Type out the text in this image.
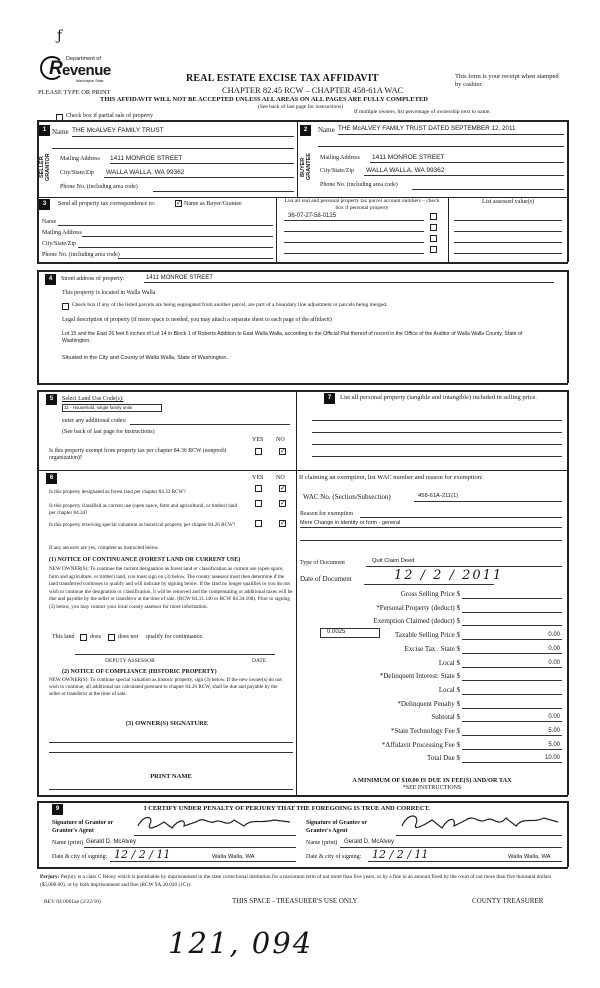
ƒ
Department of
R evenue
Washington State
PLEASE TYPE OR PRINT
REAL ESTATE EXCISE TAX AFFIDAVIT
CHAPTER 82.45 RCW – CHAPTER 458-61A WAC
This form is your receipt when stamped by cashier.
THIS AFFIDAVIT WILL NOT BE ACCEPTED UNLESS ALL AREAS ON ALL PAGES ARE FULLY COMPLETED
(See back of last page for instructions)
Check box if partial sale of property
If multiple owners, list percentage of ownership next to name.
1
SELLER GRANTOR
Name THE McALVEY FAMILY TRUST
Mailing Address 1411 MONROE STREET
City/State/Zip WALLA WALLA, WA 99362
Phone No. (including area code)
2
BUYER GRANTEE
Name THE McALVEY FAMILY TRUST DATED SEPTEMBER 12, 2011
Mailing Address 1411 MONROE STREET
City/State/Zip WALLA WALLA, WA 99362
Phone No. (including area code)
3	Send all property tax correspondence to:	✓ Name as Buyer/Grantee
Name
Mailing Address
City/State/Zip
Phone No. (including area code)
List all real and personal property tax parcel account numbers – check box if personal property
List assessed value(s)
36-07-27-58-0125
4	Street address of property:	1411 MONROE STREET
This property is located in Walla Walla
Check box if any of the listed parcels are being segregated from another parcel, are part of a boundary line adjustment or parcels being merged.
Legal description of property (if more space is needed, you may attach a separate sheet to each page of the affidavit)
Lot 15 and the East 26 feet 6 inches of Lot 14 in Block 1 of Roberts Addition to East Walla Walla, according to the Official Plat thereof of record in the Office of the Auditor of Walla Walla County, State of Washington.
Situated in the City and County of Walla Walla, State of Washington.
5	Select Land Use Code(s):
11 - Household, single family units
enter any additional codes:
(See back of last page for instructions)
YES NO
Is this property exempt from property tax per chapter 84.36 RCW (nonprofit organization)?
✓
6	YES NO
Is this property designated as forest land per chapter 84.33 RCW?	✓
Is this property classified as current use (open space, farm and agricultural, or timber) land per chapter 84.34?
✓
Is this property receiving special valuation as historical property per chapter 84.26 RCW?	✓
If any answers are yes, complete as instructed below.
(1) NOTICE OF CONTINUANCE (FOREST LAND OR CURRENT USE)
NEW OWNER(S): To continue the current designation as forest land or classification as current use (open space, farm and agriculture, or timber) land, you must sign on (3) below. The county assessor must then determine if the land transferred continues to qualify and will indicate by signing below. If the land no longer qualifies or you do not wish to continue the designation or classification, it will be removed and the compensating or additional taxes will be due and payable by the seller or transferor at the time of sale. (RCW 84.33.140 or RCW 84.34.108). Prior to signing (3) below, you may contact your local county assessor for more information.
This land	does	does not qualify for continuance.
DEPUTY ASSESSOR	DATE
(2) NOTICE OF COMPLIANCE (HISTORIC PROPERTY)
NEW OWNER(S): To continue special valuation as historic property, sign (3) below. If the new owner(s) do not wish to continue, all additional tax calculated pursuant to chapter 84.26 RCW, shall be due and payable by the seller or transferor at the time of sale.
(3) OWNER(S) SIGNATURE
PRINT NAME
7	List all personal property (tangible and intangible) included in selling price.
If claiming an exemption, list WAC number and reason for exemption:
WAC No. (Section/Subsection)	458-61A-211(1)
Reason for exemption
Mere Change in identity or form - general
Type of Document	Quit Claim Deed
Date of Document	12 / 2 / 2011
Gross Selling Price $
*Personal Property (deduct) $
Exemption Claimed (deduct) $
Taxable Selling Price $	0.00
Excise Tax : State $	0.00
Local $	0.00
*Delinquent Interest: State $
Local $
*Delinquent Penalty $
Subtotal $	0.00
*State Technology Fee $	5.00
*Affidavit Processing Fee $	5.00
Total Due $	10.00
0.0025
A MINIMUM OF $10.00 IS DUE IN FEE(S) AND/OR TAX
*SEE INSTRUCTIONS
9	I CERTIFY UNDER PENALTY OF PERJURY THAT THE FOREGOING IS TRUE AND CORRECT.
Signature of Grantor or Grantor's Agent
Name (print) Gerald D. McAlvey
Date & city of signing: 12 / 2 / 11	Walla Walla, WA
Signature of Grantee or Grantee's Agent
Name (print) Gerald D. McAlvey
Date & city of signing: 12 / 2 / 11	Walla Walla, WA
Perjury: Perjury is a class C felony which is punishable by imprisonment in the state correctional institution for a maximum term of not more than five years, or by a fine in an amount fixed by the court of not more than five thousand dollars ($5,000.00), or by both imprisonment and fine (RCW 9A.20.020 (1C)).
REV 84 0001ae (2/22/10)	THIS SPACE - TREASURER'S USE ONLY	COUNTY TREASURER
121, 094
